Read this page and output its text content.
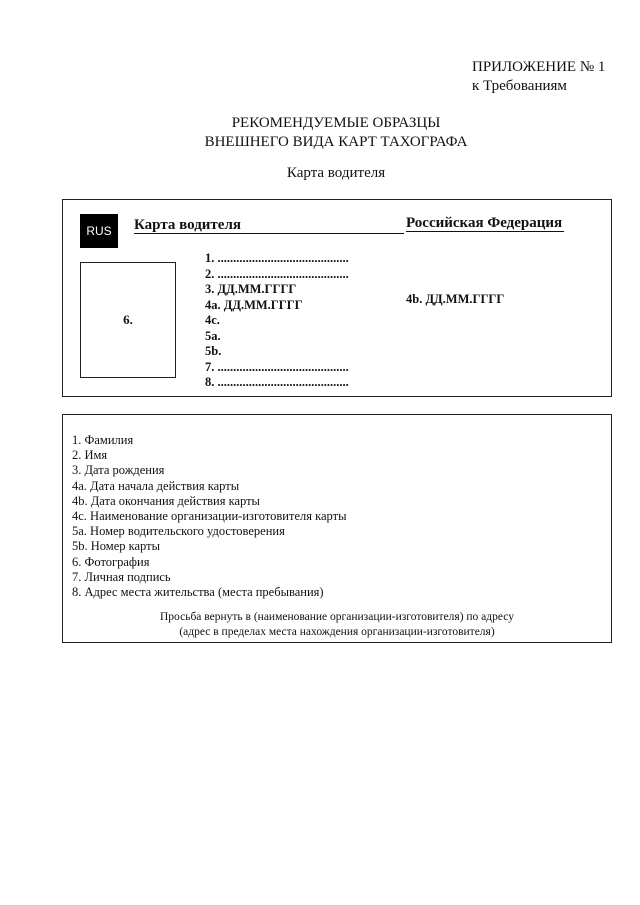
ПРИЛОЖЕНИЕ № 1
к Требованиям
РЕКОМЕНДУЕМЫЕ ОБРАЗЦЫ
ВНЕШНЕГО ВИДА КАРТ ТАХОГРАФА
Карта водителя
RUS	Карта водителя	Российская Федерация
6.
1. ..........................................
2. ..........................................
3. ДД.ММ.ГГГГ
4a. ДД.ММ.ГГГГ
4c.
5a.
5b.
7. ..........................................
8. ..........................................
4b. ДД.ММ.ГГГГ
1. Фамилия
2. Имя
3. Дата рождения
4a. Дата начала действия карты
4b. Дата окончания действия карты
4c. Наименование организации-изготовителя карты
5a. Номер водительского удостоверения
5b. Номер карты
6. Фотография
7. Личная подпись
8. Адрес места жительства (места пребывания)
Просьба вернуть в (наименование организации-изготовителя) по адресу
(адрес в пределах места нахождения организации-изготовителя)
